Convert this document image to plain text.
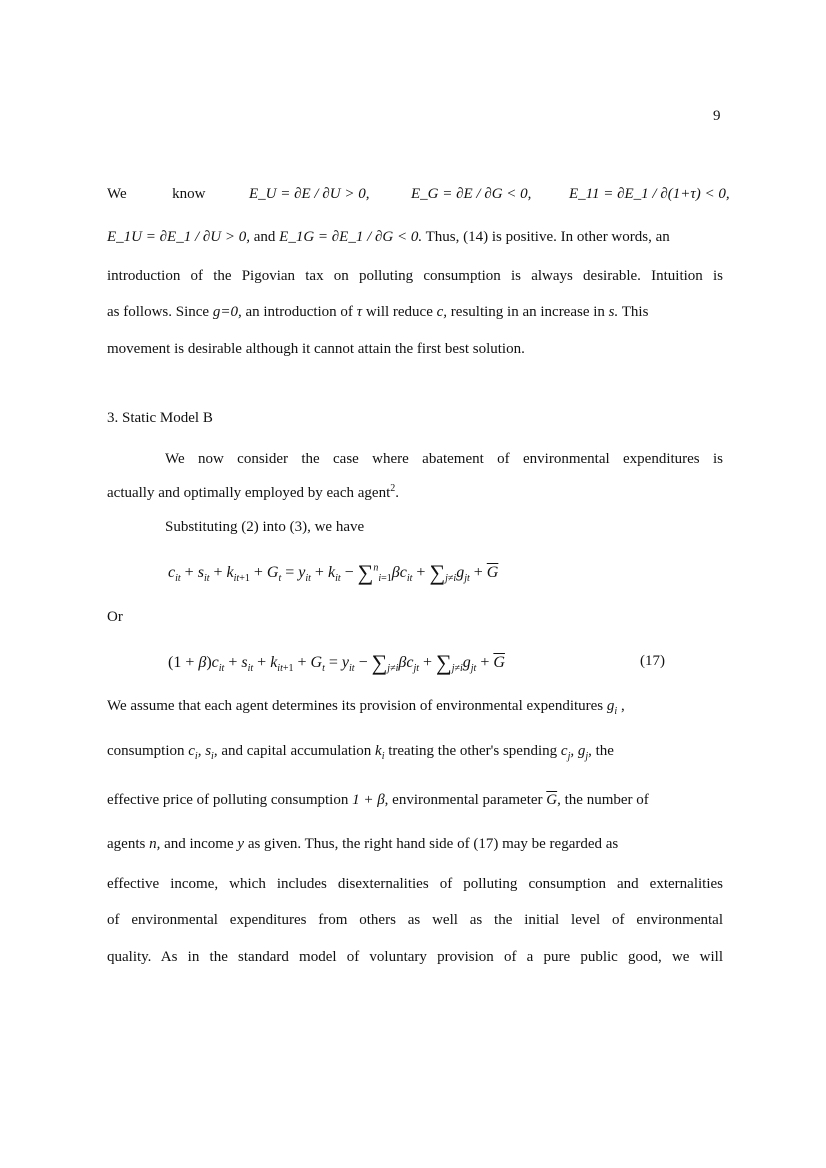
9
We	know	E_U = ∂E / ∂U > 0,	E_G = ∂E / ∂G < 0,	E_11 = ∂E_1 / ∂(1+τ) < 0,
E_1U = ∂E_1 / ∂U > 0, and E_1G = ∂E_1 / ∂G < 0. Thus, (14) is positive. In other words, an
introduction of the Pigovian tax on polluting consumption is always desirable. Intuition is
as follows. Since g=0, an introduction of τ will reduce c, resulting in an increase in s. This
movement is desirable although it cannot attain the first best solution.
3. Static Model B
We now consider the case where abatement of environmental expenditures is
actually and optimally employed by each agent$^2$.
Substituting (2) into (3), we have
$c_{it} + s_{it} + k_{it+1} + G_t = y_{it} + k_{it} - \sum^n_{i=1}\beta c_{it} + \sum_{j\ne i}g_{jt} + \overline{G}$
Or
$(1 + \beta)c_{it} + s_{it} + k_{it+1} + G_t = y_{it} - \sum_{j\ne i}\beta c_{jt} + \sum_{j\ne i}g_{jt} + \overline{G}$	(17)
We assume that each agent determines its provision of environmental expenditures $g_i$ ,
consumption $c_i$, $s_i$, and capital accumulation $k_i$ treating the other's spending $c_j$, $g_j$, the
effective price of polluting consumption 1 + β, environmental parameter $\overline{G}$, the number of
agents n, and income y as given. Thus, the right hand side of (17) may be regarded as
effective income, which includes disexternalities of polluting consumption and externalities
of environmental expenditures from others as well as the initial level of environmental
quality. As in the standard model of voluntary provision of a pure public good, we will
